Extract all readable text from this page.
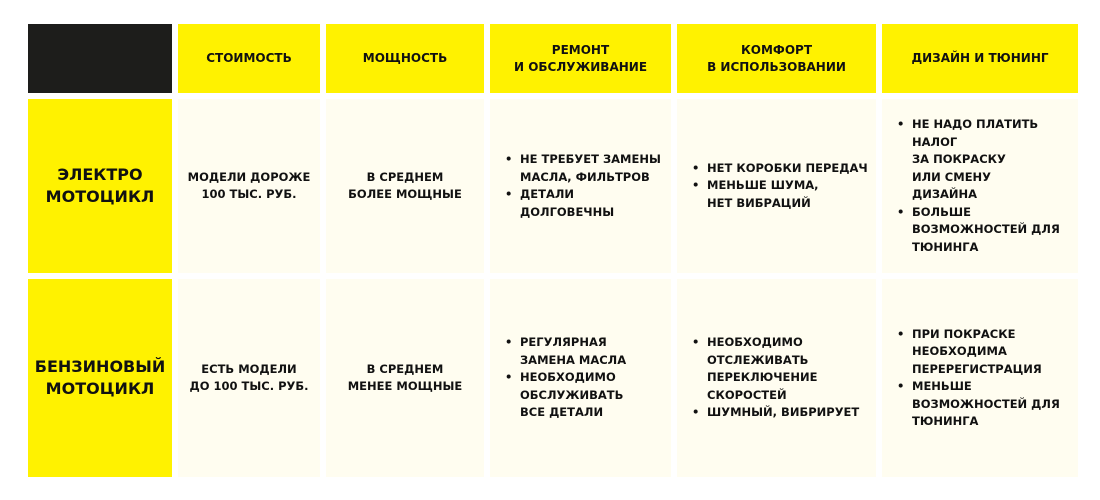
СТОИМОСТЬ	МОЩНОСТЬ
РЕМОНТ
И ОБСЛУЖИВАНИЕ
КОМФОРТ
В ИСПОЛЬЗОВАНИИ
ДИЗАЙН И ТЮНИНГ
ЭЛЕКТРО
МОТОЦИКЛ
МОДЕЛИ ДОРОЖЕ
100 ТЫС. РУБ.
В СРЕДНЕМ
БОЛЕЕ МОЩНЫЕ
• НЕ ТРЕБУЕТ ЗАМЕНЫ
МАСЛА, ФИЛЬТРОВ
• ДЕТАЛИ
ДОЛГОВЕЧНЫ
• НЕТ КОРОБКИ ПЕРЕДАЧ
• МЕНЬШЕ ШУМА,
НЕТ ВИБРАЦИЙ
• НЕ НАДО ПЛАТИТЬ
НАЛОГ
ЗА ПОКРАСКУ
ИЛИ СМЕНУ
ДИЗАЙНА
• БОЛЬШЕ
ВОЗМОЖНОСТЕЙ ДЛЯ
ТЮНИНГА
БЕНЗИНОВЫЙ
МОТОЦИКЛ
ЕСТЬ МОДЕЛИ
ДО 100 ТЫС. РУБ.
В СРЕДНЕМ
МЕНЕЕ МОЩНЫЕ
• РЕГУЛЯРНАЯ
ЗАМЕНА МАСЛА
• НЕОБХОДИМО
ОБСЛУЖИВАТЬ
ВСЕ ДЕТАЛИ
• НЕОБХОДИМО
ОТСЛЕЖИВАТЬ
ПЕРЕКЛЮЧЕНИЕ
СКОРОСТЕЙ
• ШУМНЫЙ, ВИБРИРУЕТ
• ПРИ ПОКРАСКЕ
НЕОБХОДИМА
ПЕРЕРЕГИСТРАЦИЯ
• МЕНЬШЕ
ВОЗМОЖНОСТЕЙ ДЛЯ
ТЮНИНГА
